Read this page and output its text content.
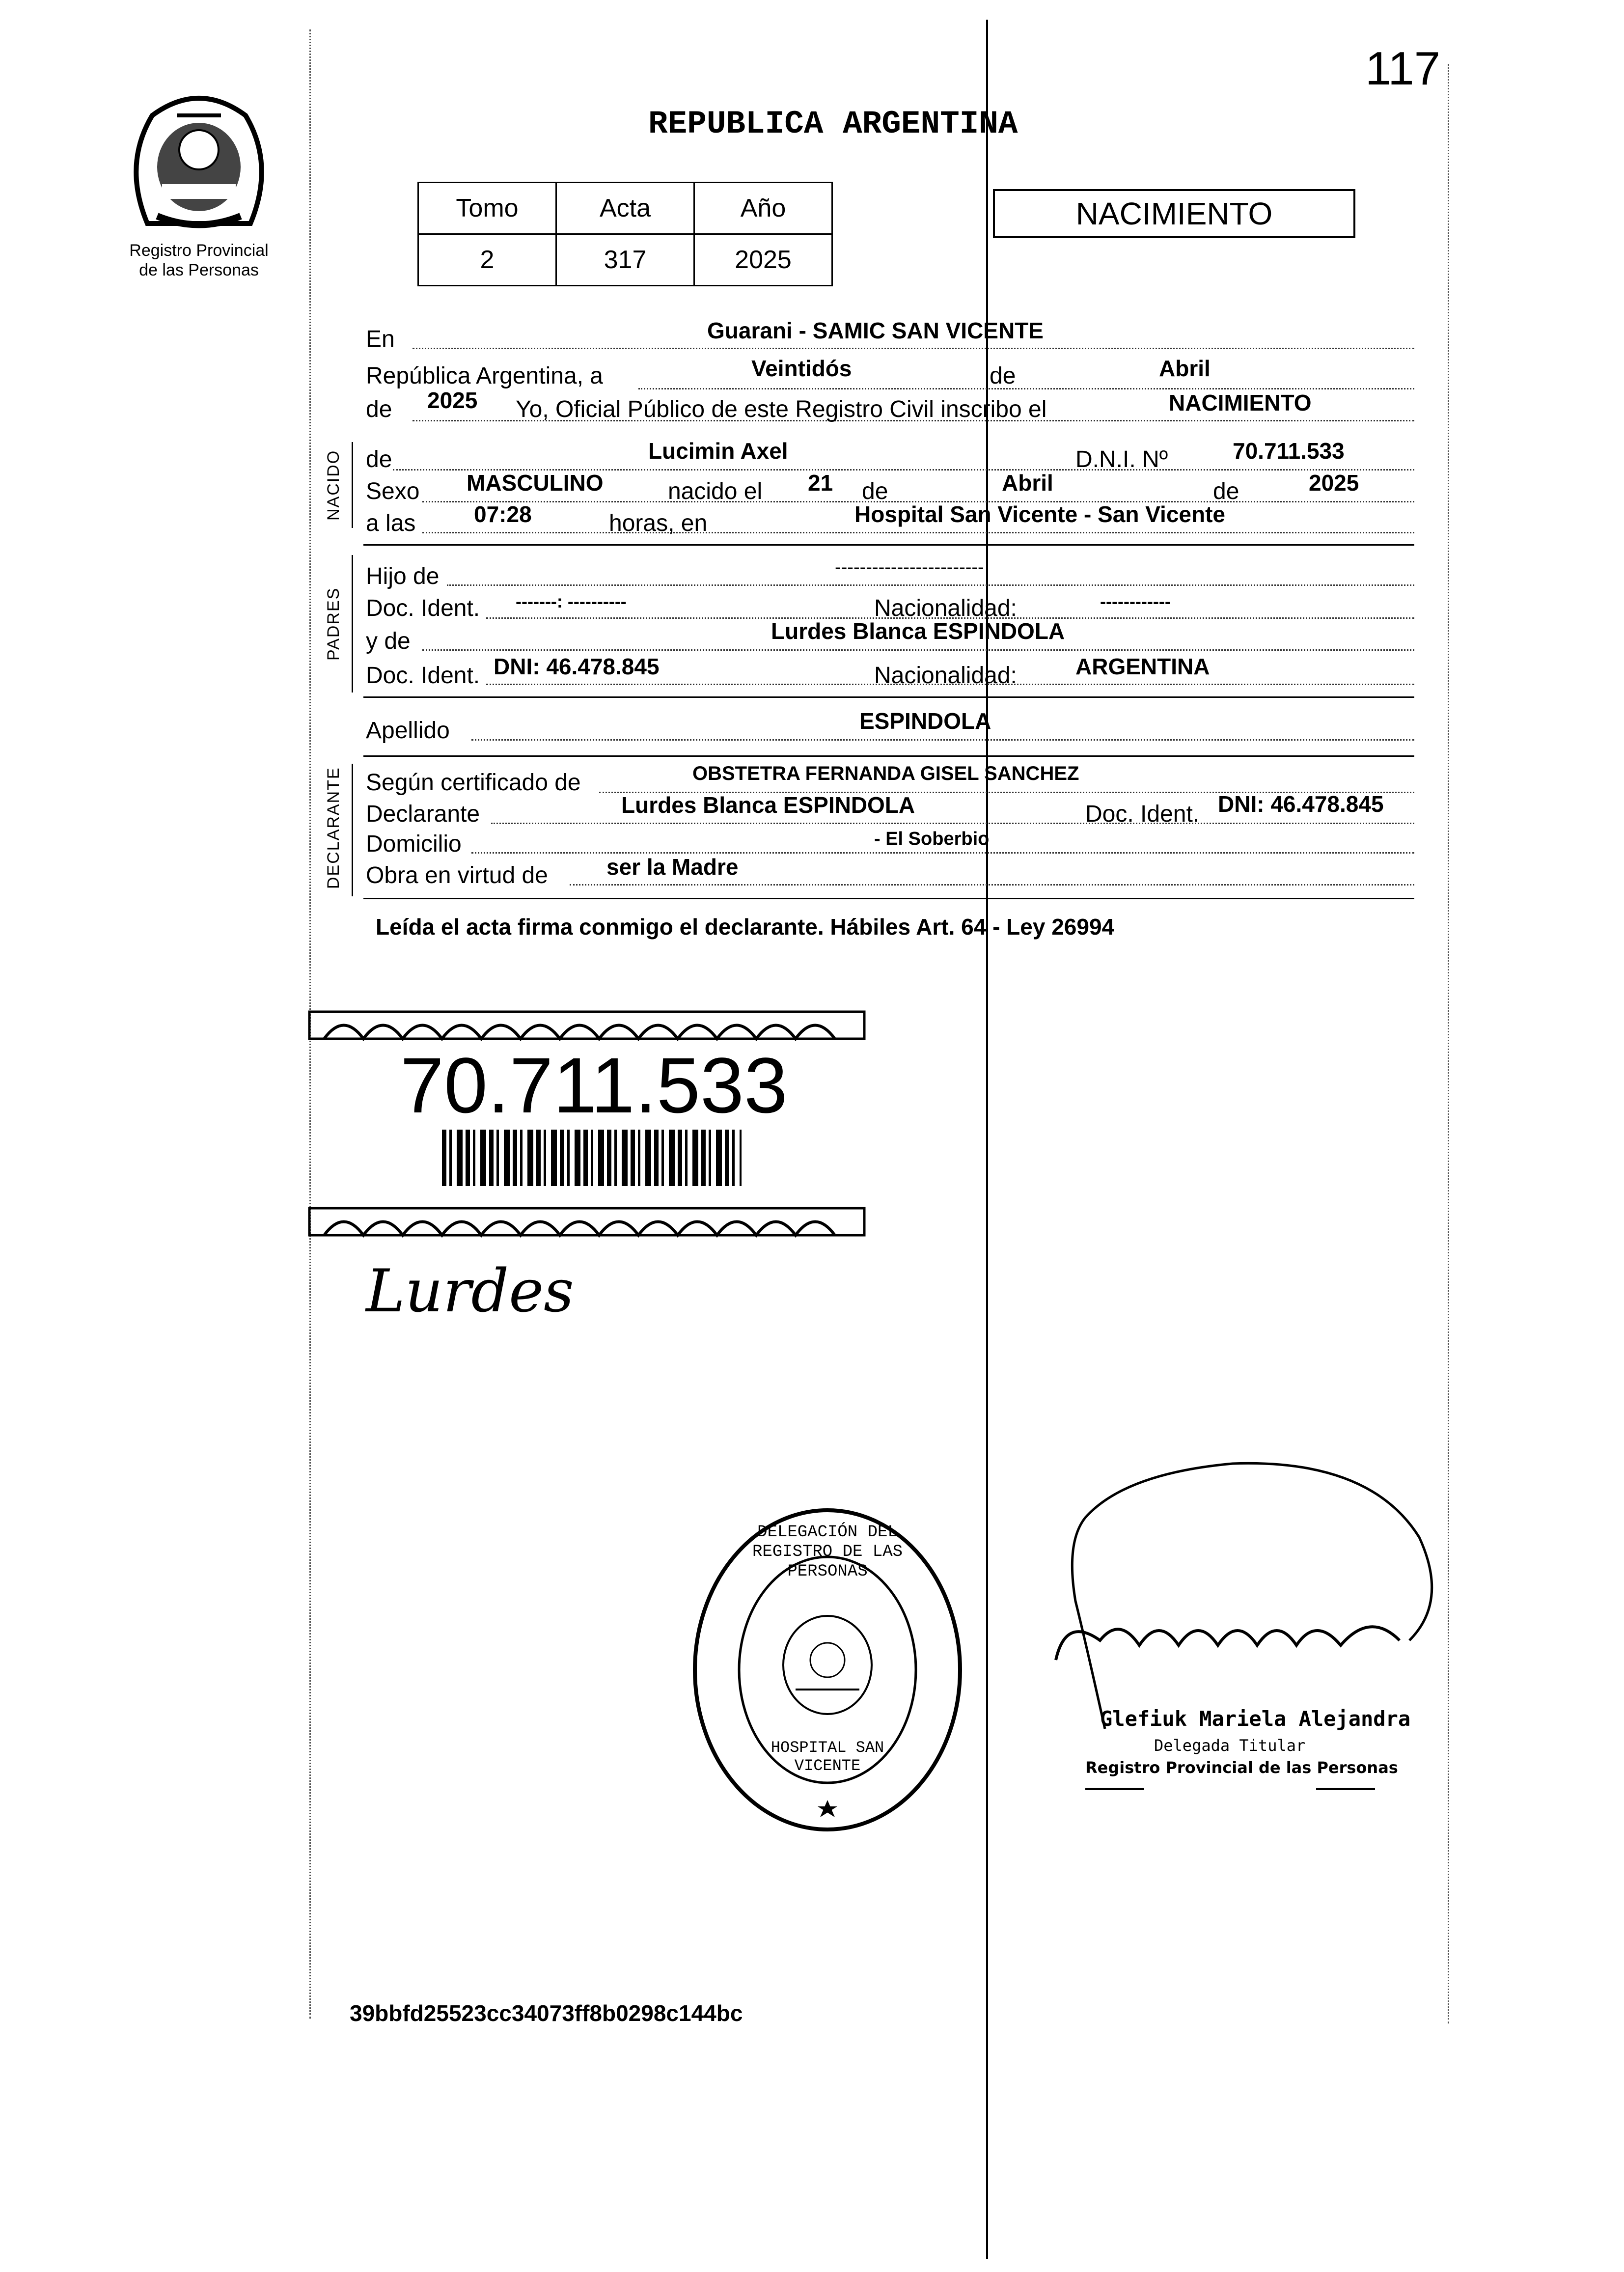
117
Registro Provincial
de las Personas
REPUBLICA ARGENTINA
Tomo	Acta	Año
2	317	2025
NACIMIENTO
En	Guarani - SAMIC SAN VICENTE
República Argentina, a	Veintidós	de	Abril
de 2025 Yo, Oficial Público de este Registro Civil inscribo el	NACIMIENTO
NACIDO de	Lucimin Axel	D.N.I. Nº	70.711.533
Sexo MASCULINO	nacido el 21 de	Abril	de	2025
a las	07:28	horas, en	Hospital San Vicente - San Vicente
PADRES
Hijo de	------------------------
Doc. Ident. -------: ----------	Nacionalidad:	------------
y de	Lurdes Blanca ESPINDOLA
Doc. Ident. DNI: 46.478.845	Nacionalidad:	ARGENTINA
Apellido	ESPINDOLA
DECLARANTE Según certificado de	OBSTETRA FERNANDA GISEL SANCHEZ
Declarante	Lurdes Blanca ESPINDOLA	Doc. Ident. DNI: 46.478.845
Domicilio	- El Soberbio
Obra en virtud de	ser la Madre
Leída el acta firma conmigo el declarante. Hábiles Art. 64 - Ley 26994
70.711.533
Lurdes
DELEGACIÓN DEL REGISTRO DE LAS PERSONAS
HOSPITAL SAN VICENTE
Glefiuk Mariela Alejandra
Delegada Titular
Registro Provincial de las Personas
39bbfd25523cc34073ff8b0298c144bc
